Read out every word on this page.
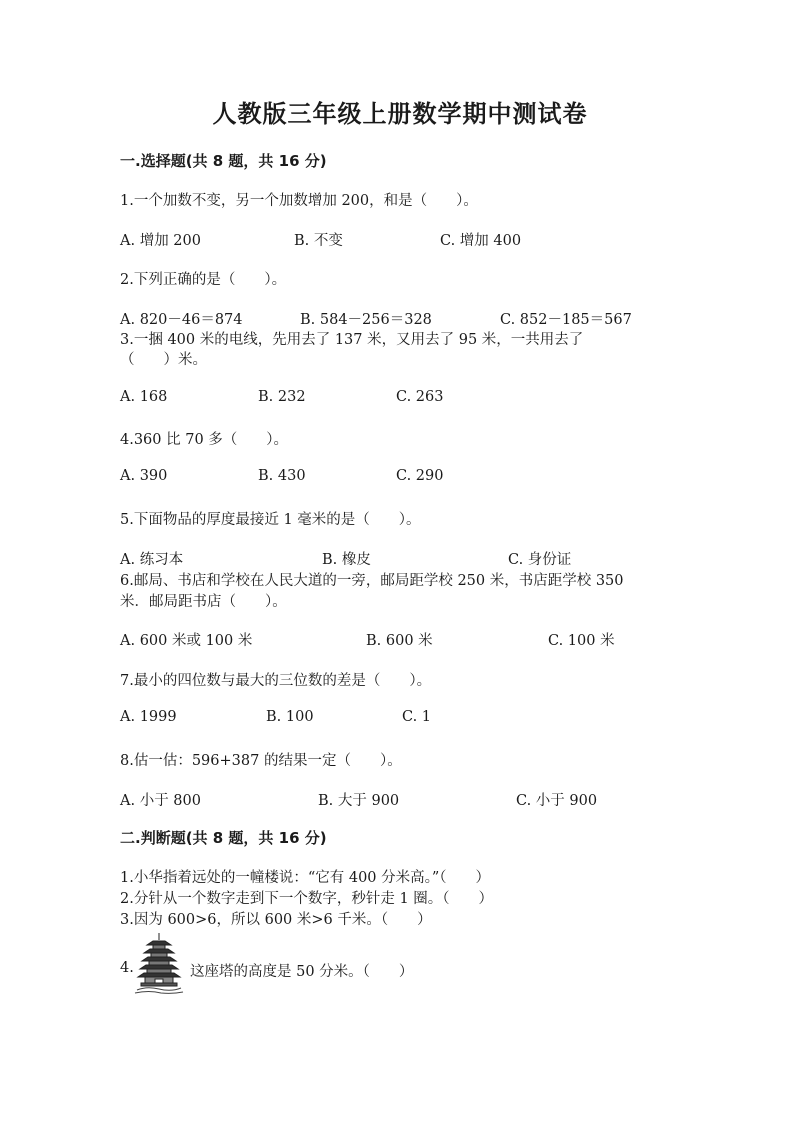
人教版三年级上册数学期中测试卷
一.选择题(共 8 题，共 16 分)
1.一个加数不变，另一个加数增加 200，和是（　　）。
A. 增加 200	B. 不变	C. 增加 400
2.下列正确的是（　　）。
A. 820－46＝874	B. 584－256＝328	C. 852－185＝567
3.一捆 400 米的电线，先用去了 137 米，又用去了 95 米，一共用去了
（　　）米。
A. 168	B. 232	C. 263
4.360 比 70 多（　　）。
A. 390	B. 430	C. 290
5.下面物品的厚度最接近 1 毫米的是（　　）。
A. 练习本	B. 橡皮	C. 身份证
6.邮局、书店和学校在人民大道的一旁，邮局距学校 250 米，书店距学校 350
米．邮局距书店（　　）。
A. 600 米或 100 米	B. 600 米	C. 100 米
7.最小的四位数与最大的三位数的差是（　　）。
A. 1999	B. 100	C. 1
8.估一估：596+387 的结果一定（　　）。
A. 小于 800	B. 大于 900	C. 小于 900
二.判断题(共 8 题，共 16 分)
1.小华指着远处的一幢楼说：“它有 400 分米高。”（　　）
2.分针从一个数字走到下一个数字，秒针走 1 圈。（　　）
3.因为 600>6，所以 600 米>6 千米。（　　）
4.	这座塔的高度是 50 分米。（　　）
